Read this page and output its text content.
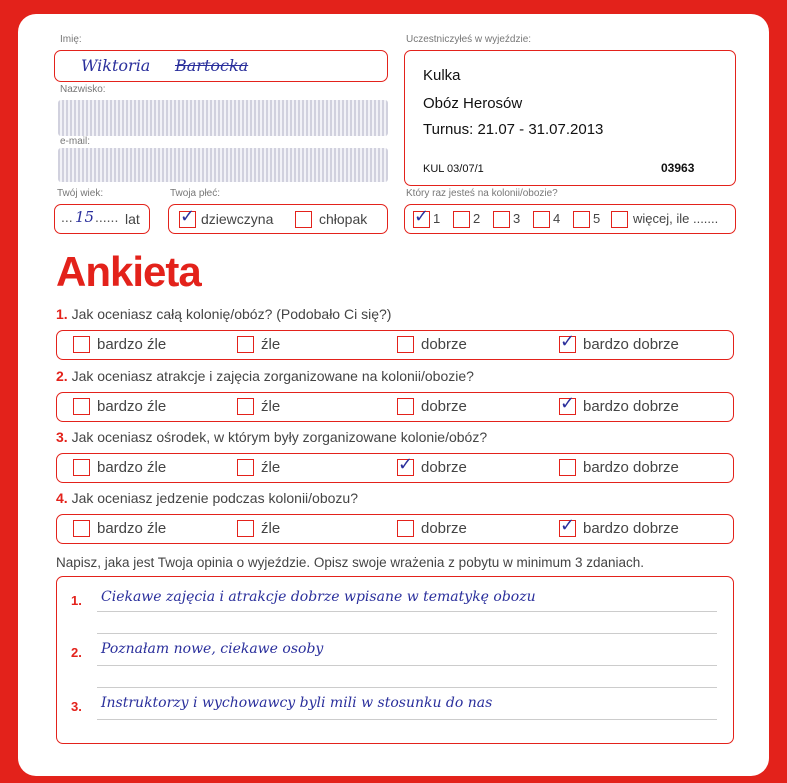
Imię:
Wiktoria Bartocka
Nazwisko:
e-mail:
Twój wiek:
... 15 ...... lat
Twoja płeć:
✓ dziewczyna	chłopak
Uczestniczyłeś w wyjeździe:
Kulka
Obóz Herosów
Turnus: 21.07 - 31.07.2013
KUL 03/07/1	03963
Który raz jesteś na kolonii/obozie?
✓ 1	2	3	4	5	więcej, ile .......
Ankieta
1. Jak oceniasz całą kolonię/obóz? (Podobało Ci się?)
bardzo źle	źle	dobrze	✓ bardzo dobrze
2. Jak oceniasz atrakcje i zajęcia zorganizowane na kolonii/obozie?
bardzo źle	źle	dobrze	✓ bardzo dobrze
3. Jak oceniasz ośrodek, w którym były zorganizowane kolonie/obóz?
bardzo źle	źle	✓ dobrze	bardzo dobrze
4. Jak oceniasz jedzenie podczas kolonii/obozu?
bardzo źle	źle	dobrze	✓ bardzo dobrze
Napisz, jaka jest Twoja opinia o wyjeździe. Opisz swoje wrażenia z pobytu w minimum 3 zdaniach.
1. Ciekawe zajęcia i atrakcje dobrze wpisane w tematykę obozu
2. Poznałam nowe, ciekawe osoby
3. Instruktorzy i wychowawcy byli mili w stosunku do nas
